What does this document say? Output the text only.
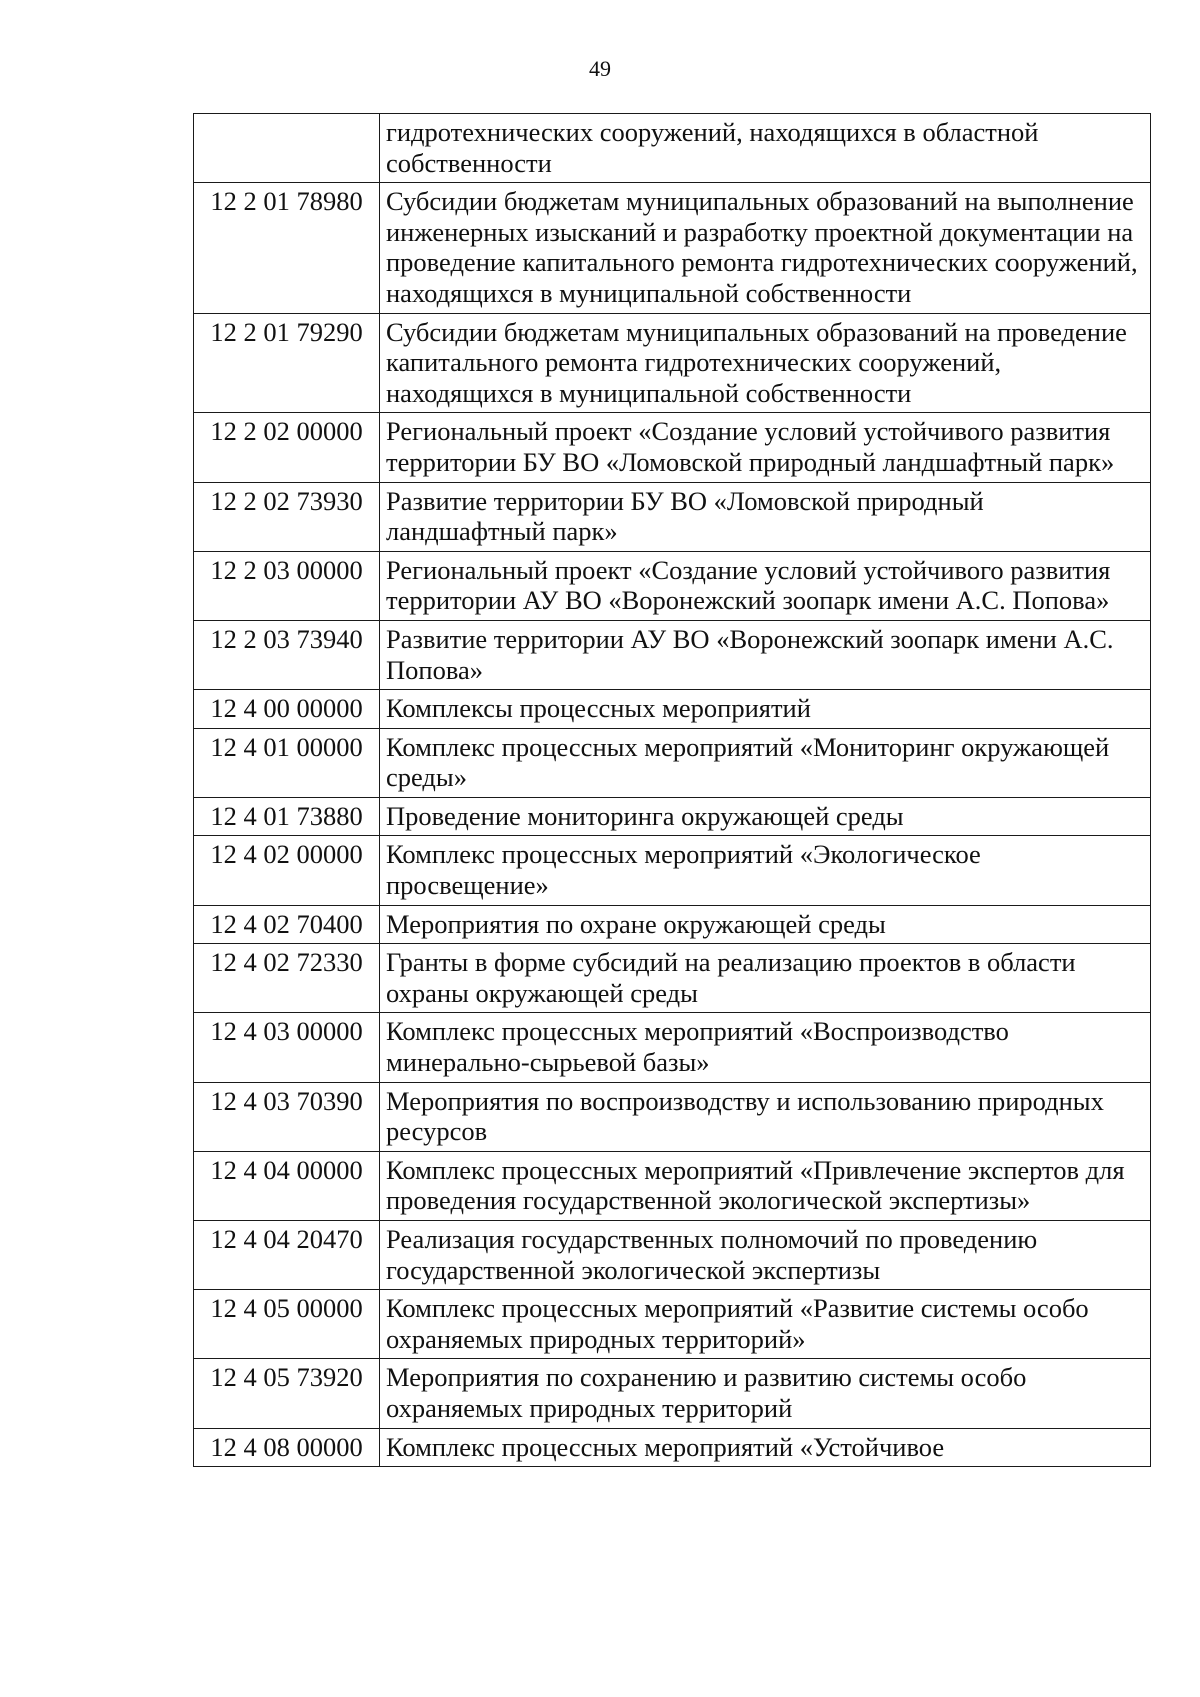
49
	гидротехнических сооружений, находящихся в областной собственности
12 2 01 78980	Субсидии бюджетам муниципальных образований на выполнение инженерных изысканий и разработку проектной документации на проведение капитального ремонта гидротехнических сооружений, находящихся в муниципальной собственности
12 2 01 79290	Субсидии бюджетам муниципальных образований на проведение капитального ремонта гидротехнических сооружений, находящихся в муниципальной собственности
12 2 02 00000	Региональный проект «Создание условий устойчивого развития территории БУ ВО «Ломовской природный ландшафтный парк»
12 2 02 73930	Развитие территории БУ ВО «Ломовской природный ландшафтный парк»
12 2 03 00000	Региональный проект «Создание условий устойчивого развития территории АУ ВО «Воронежский зоопарк имени А.С. Попова»
12 2 03 73940	Развитие территории АУ ВО «Воронежский зоопарк имени А.С. Попова»
12 4 00 00000	Комплексы процессных мероприятий
12 4 01 00000	Комплекс процессных мероприятий «Мониторинг окружающей среды»
12 4 01 73880	Проведение мониторинга окружающей среды
12 4 02 00000	Комплекс процессных мероприятий «Экологическое просвещение»
12 4 02 70400	Мероприятия по охране окружающей среды
12 4 02 72330	Гранты в форме субсидий на реализацию проектов в области охраны окружающей среды
12 4 03 00000	Комплекс процессных мероприятий «Воспроизводство минерально-сырьевой базы»
12 4 03 70390	Мероприятия по воспроизводству и использованию природных ресурсов
12 4 04 00000	Комплекс процессных мероприятий «Привлечение экспертов для проведения государственной экологической экспертизы»
12 4 04 20470	Реализация государственных полномочий по проведению государственной экологической экспертизы
12 4 05 00000	Комплекс процессных мероприятий «Развитие системы особо охраняемых природных территорий»
12 4 05 73920	Мероприятия по сохранению и развитию системы особо охраняемых природных территорий
12 4 08 00000	Комплекс процессных мероприятий «Устойчивое
